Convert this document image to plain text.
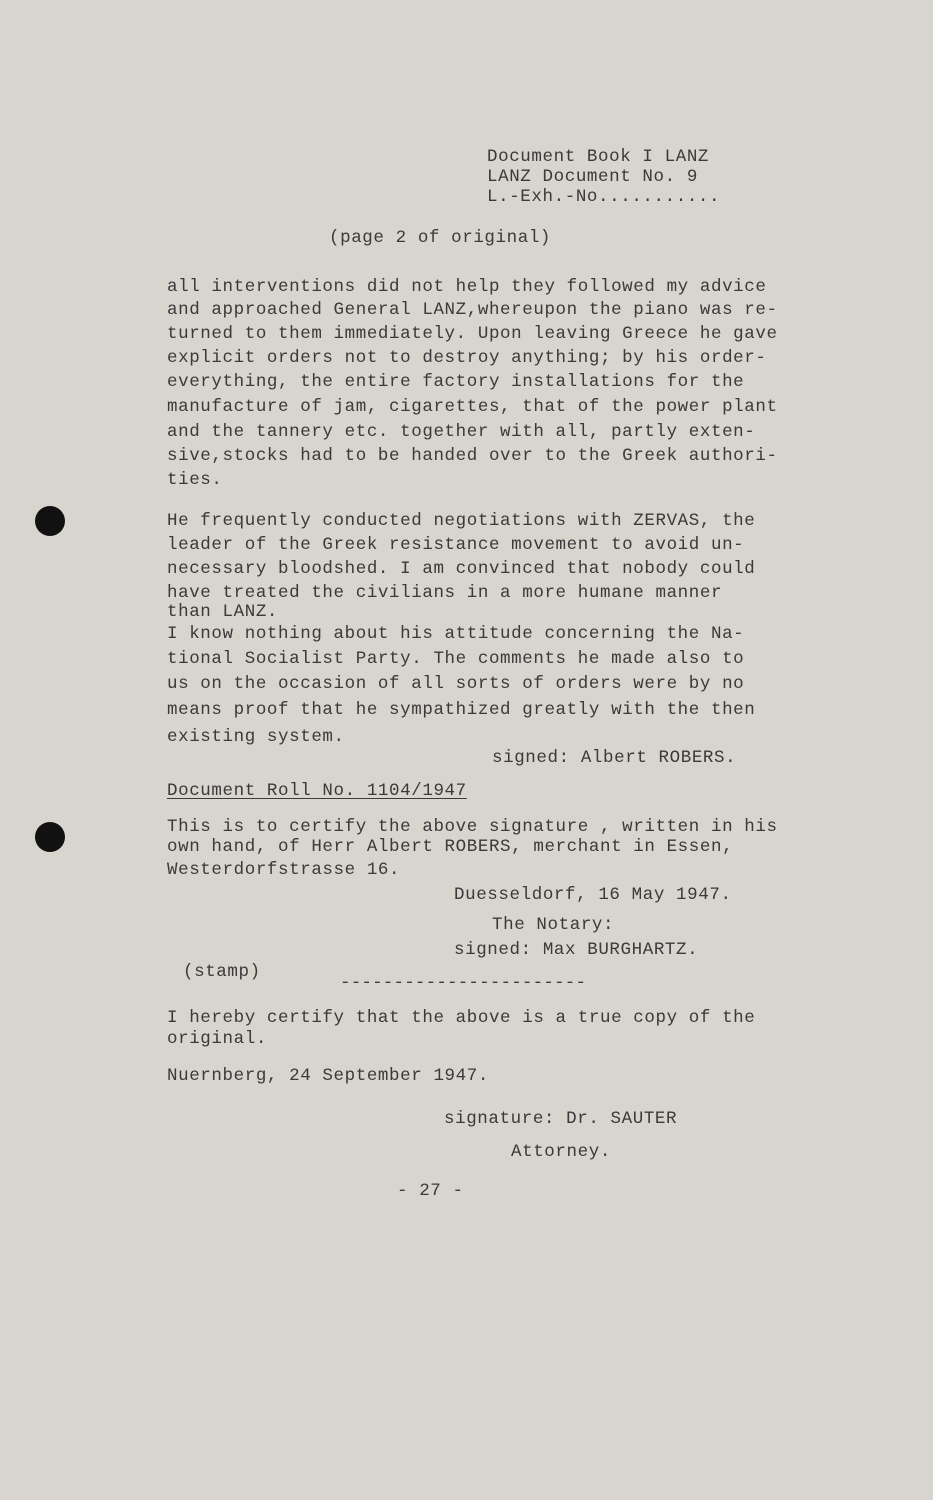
Document Book I LANZ
LANZ Document No. 9
L.-Exh.-No...........
(page 2 of original)
all interventions did not help they followed my advice
and approached General LANZ,whereupon the piano was re-
turned to them immediately. Upon leaving Greece he gave
explicit orders not to destroy anything; by his order-
everything, the entire factory installations for the
manufacture of jam, cigarettes, that of the power plant
and the tannery etc. together with all, partly exten-
sive,stocks had to be handed over to the Greek authori-
ties.
He frequently conducted negotiations with ZERVAS, the
leader of the Greek resistance movement to avoid un-
necessary bloodshed. I am convinced that nobody could
have treated the civilians in a more humane manner
than LANZ.
I know nothing about his attitude concerning the Na-
tional Socialist Party. The comments he made also to
us on the occasion of all sorts of orders were by no
means proof that he sympathized greatly with the then
existing system.
signed: Albert ROBERS.
Document Roll No. 1104/1947
This is to certify the above signature , written in his
own hand, of Herr Albert ROBERS, merchant in Essen,
Westerdorfstrasse 16.
Duesseldorf, 16 May 1947.
The Notary:
signed: Max BURGHARTZ.
(stamp)
-----------------------
I hereby certify that the above is a true copy of the
original.
Nuernberg, 24 September 1947.
signature: Dr. SAUTER
Attorney.
- 27 -
